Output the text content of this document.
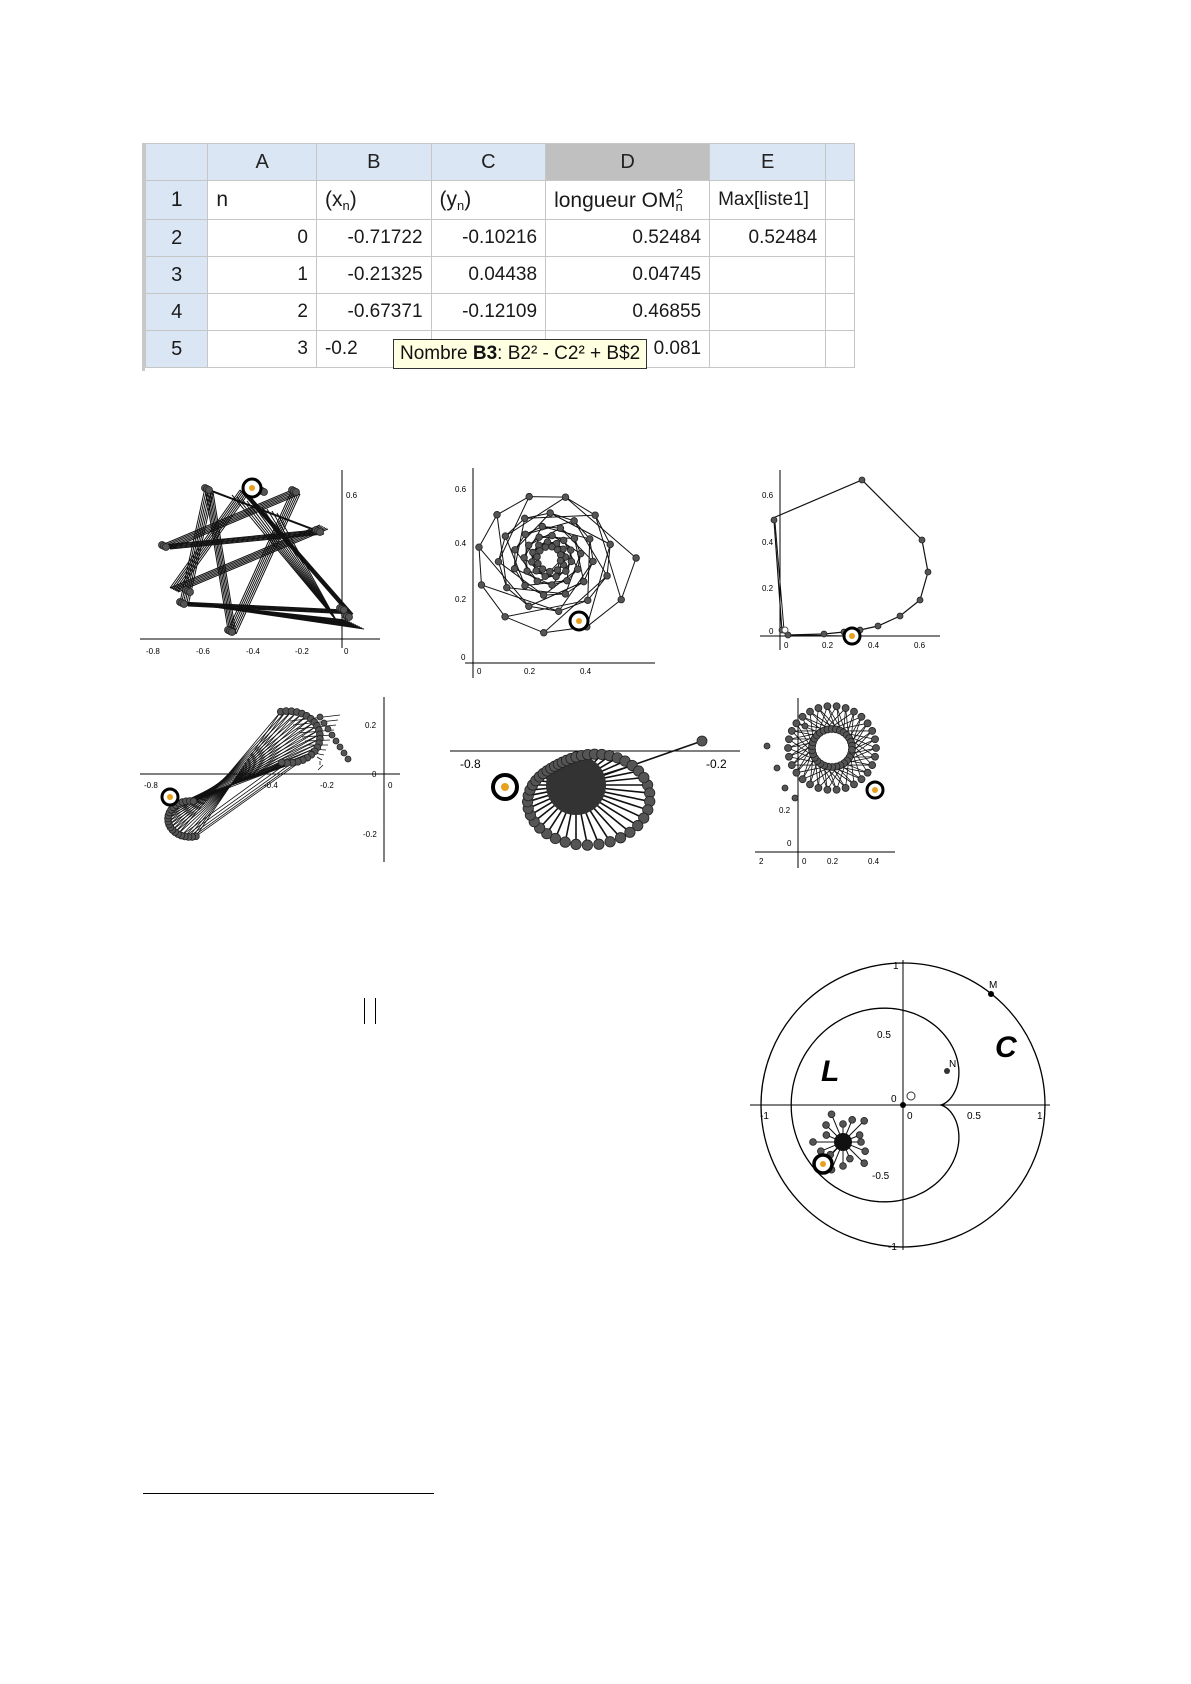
	A	B	C	D	E	
1	n	$(x_n)$	$(y_n)$	longueur $OM_n^2$	Max[liste1]	
2	0	-0.71722	-0.10216	0.52484	0.52484	
3	1	-0.21325	0.04438	0.04745		
4	2	-0.67371	-0.12109	0.46855		
5	3	-0.2		0.081		
Nombre B3: B2² - C2² + B$2
-0.8	-0.6	-0.4	-0.2	0
0.6
0	0.2	0.4
0.6
0.4
0.2
0
0	0.2	0.4	0.6
0.6
0.4
0.2
0
-0.8	-0.4	-0.2	0
0.2
0
-0.2
-0.8	-0.2
2	0	0.2	0.4
0.2
0
M
N
O
C
L
-1	0	0.5	1
1
0.5
0
-0.5
-1
